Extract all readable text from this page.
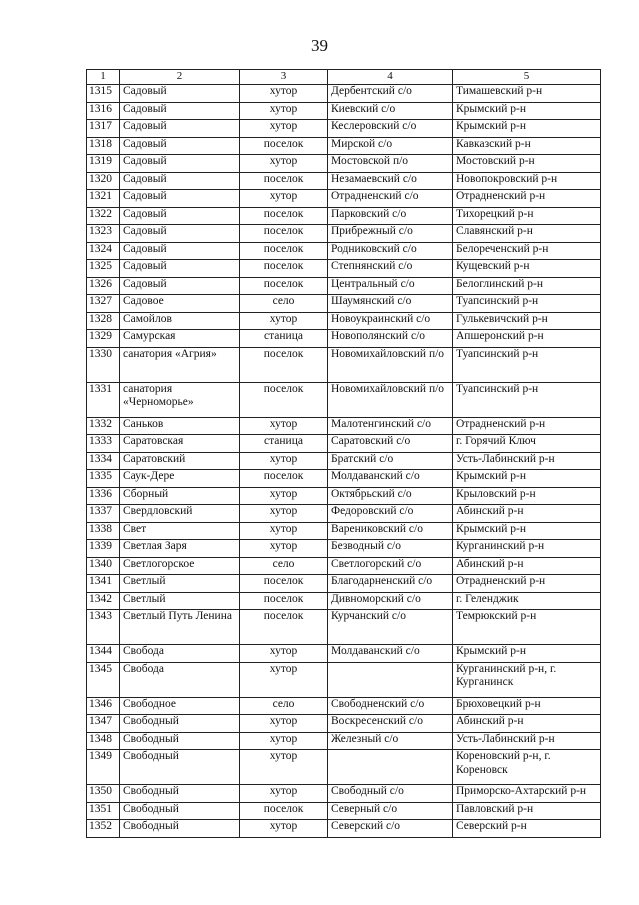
39
1	2	3	4	5
1315	Садовый	хутор	Дербентский с/о	Тимашевский р-н
1316	Садовый	хутор	Киевский с/о	Крымский р-н
1317	Садовый	хутор	Кеслеровский с/о	Крымский р-н
1318	Садовый	поселок	Мирской с/о	Кавказский р-н
1319	Садовый	хутор	Мостовской п/о	Мостовский р-н
1320	Садовый	поселок	Незамаевский с/о	Новопокровский р-н
1321	Садовый	хутор	Отрадненский с/о	Отрадненский р-н
1322	Садовый	поселок	Парковский с/о	Тихорецкий р-н
1323	Садовый	поселок	Прибрежный с/о	Славянский р-н
1324	Садовый	поселок	Родниковский с/о	Белореченский р-н
1325	Садовый	поселок	Степнянский с/о	Кущевский р-н
1326	Садовый	поселок	Центральный с/о	Белоглинский р-н
1327	Садовое	село	Шаумянский с/о	Туапсинский р-н
1328	Самойлов	хутор	Новоукраинский с/о	Гулькевичский р-н
1329	Самурская	станица	Новополянский с/о	Апшеронский р-н
1330	санатория «Агрия»	поселок	Новомихайловский п/о	Туапсинский р-н
1331	санатория «Черноморье»	поселок	Новомихайловский п/о	Туапсинский р-н
1332	Саньков	хутор	Малотенгинский с/о	Отрадненский р-н
1333	Саратовская	станица	Саратовский с/о	г. Горячий Ключ
1334	Саратовский	хутор	Братский с/о	Усть-Лабинский р-н
1335	Саук-Дере	поселок	Молдаванский с/о	Крымский р-н
1336	Сборный	хутор	Октябрьский с/о	Крыловский р-н
1337	Свердловский	хутор	Федоровский с/о	Абинский р-н
1338	Свет	хутор	Варениковский с/о	Крымский р-н
1339	Светлая Заря	хутор	Безводный с/о	Курганинский р-н
1340	Светлогорское	село	Светлогорский с/о	Абинский р-н
1341	Светлый	поселок	Благодарненский с/о	Отрадненский р-н
1342	Светлый	поселок	Дивноморский с/о	г. Геленджик
1343	Светлый Путь Ленина	поселок	Курчанский с/о	Темрюкский р-н
1344	Свобода	хутор	Молдаванский с/о	Крымский р-н
1345	Свобода	хутор		Курганинский р-н, г. Курганинск
1346	Свободное	село	Свободненский с/о	Брюховецкий р-н
1347	Свободный	хутор	Воскресенский с/о	Абинский р-н
1348	Свободный	хутор	Железный с/о	Усть-Лабинский р-н
1349	Свободный	хутор		Кореновский р-н, г. Кореновск
1350	Свободный	хутор	Свободный с/о	Приморско-Ахтарский р-н
1351	Свободный	поселок	Северный с/о	Павловский р-н
1352	Свободный	хутор	Северский с/о	Северский р-н
